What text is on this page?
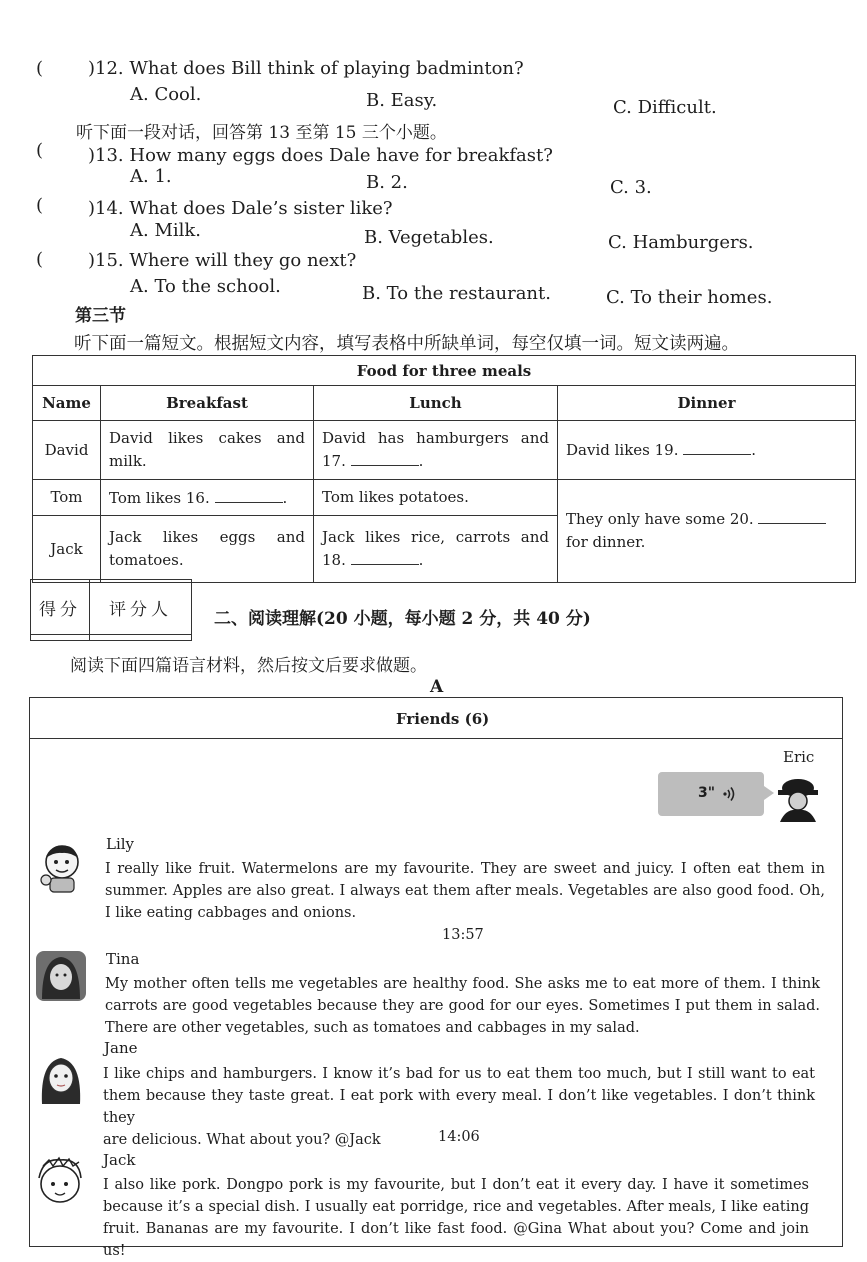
( )12. What does Bill think of playing badminton?
A. Cool.	B. Easy.	C. Difficult.
听下面一段对话，回答第 13 至第 15 三个小题。
( )13. How many eggs does Dale have for breakfast?
A. 1.	B. 2.	C. 3.
( )14. What does Dale’s sister like?
A. Milk.	B. Vegetables.	C. Hamburgers.
( )15. Where will they go next?
A. To the school.	B. To the restaurant.	C. To their homes.
第三节
听下面一篇短文。根据短文内容，填写表格中所缺单词，每空仅填一词。短文读两遍。
Food for three meals			
Name	Breakfast	Lunch	Dinner
David	David likes cakes and milk.	David has hamburgers and 17. .	David likes 19. .
Tom	Tom likes 16. .	Tom likes potatoes.	They only have some 20.
for dinner.
Jack	Jack likes eggs and tomatoes.	Jack likes rice, carrots and 18. .	
得分	评分人
	二、阅读理解(20 小题，每小题 2 分，共 40 分)
阅读下面四篇语言材料，然后按文后要求做题。
A
Friends (6)
Eric
3"
Lily
I really like fruit. Watermelons are my favourite. They are sweet and juicy. I often eat them in
summer. Apples are also great. I always eat them after meals. Vegetables are also good food. Oh,
I like eating cabbages and onions.
13:57
Tina
My mother often tells me vegetables are healthy food. She asks me to eat more of them. I think
carrots are good vegetables because they are good for our eyes. Sometimes I put them in salad.
There are other vegetables, such as tomatoes and cabbages in my salad.
Jane
I like chips and hamburgers. I know it’s bad for us to eat them too much, but I still want to eat
them because they taste great. I eat pork with every meal. I don’t like vegetables. I don’t think they
are delicious. What about you? @Jack	14:06
Jack
I also like pork. Dongpo pork is my favourite, but I don’t eat it every day. I have it sometimes
because it’s a special dish. I usually eat porridge, rice and vegetables. After meals, I like eating
fruit. Bananas are my favourite. I don’t like fast food. @Gina What about you? Come and join us!
